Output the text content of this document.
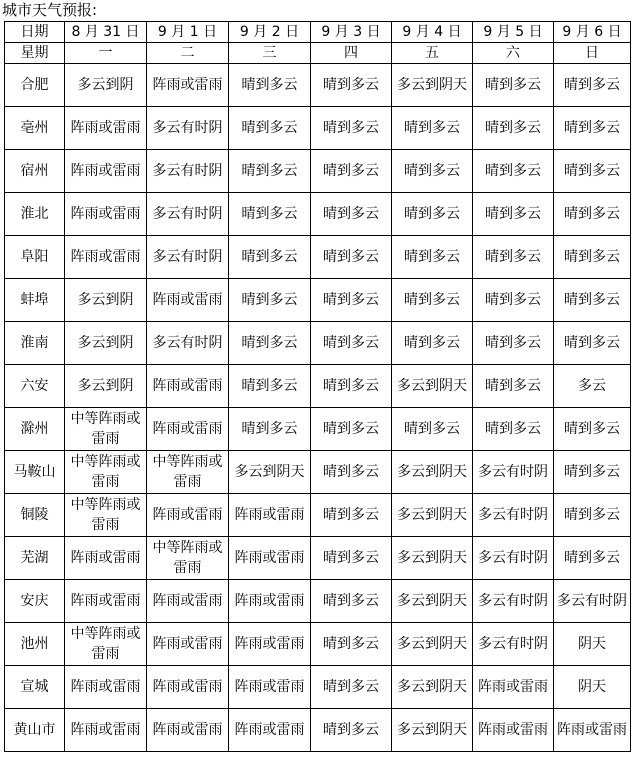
城市天气预报:
日期	8 月 31 日	9 月 1 日	9 月 2 日	9 月 3 日	9 月 4 日	9 月 5 日	9 月 6 日
星期	一	二	三	四	五	六	日
合肥	多云到阴	阵雨或雷雨	晴到多云	晴到多云	多云到阴天	晴到多云	晴到多云
亳州	阵雨或雷雨	多云有时阴	晴到多云	晴到多云	晴到多云	晴到多云	晴到多云
宿州	阵雨或雷雨	多云有时阴	晴到多云	晴到多云	晴到多云	晴到多云	晴到多云
淮北	阵雨或雷雨	多云有时阴	晴到多云	晴到多云	晴到多云	晴到多云	晴到多云
阜阳	阵雨或雷雨	多云有时阴	晴到多云	晴到多云	晴到多云	晴到多云	晴到多云
蚌埠	多云到阴	阵雨或雷雨	晴到多云	晴到多云	晴到多云	晴到多云	晴到多云
淮南	多云到阴	多云有时阴	晴到多云	晴到多云	晴到多云	晴到多云	晴到多云
六安	多云到阴	阵雨或雷雨	晴到多云	晴到多云	多云到阴天	晴到多云	多云
滁州	中等阵雨或雷雨	阵雨或雷雨	晴到多云	晴到多云	晴到多云	晴到多云	晴到多云
马鞍山	中等阵雨或雷雨	中等阵雨或雷雨	多云到阴天	晴到多云	多云到阴天	多云有时阴	晴到多云
铜陵	中等阵雨或雷雨	阵雨或雷雨	阵雨或雷雨	晴到多云	多云到阴天	多云有时阴	晴到多云
芜湖	阵雨或雷雨	中等阵雨或雷雨	阵雨或雷雨	晴到多云	多云到阴天	多云有时阴	晴到多云
安庆	阵雨或雷雨	阵雨或雷雨	阵雨或雷雨	晴到多云	多云到阴天	多云有时阴	多云有时阴
池州	中等阵雨或雷雨	阵雨或雷雨	阵雨或雷雨	晴到多云	多云到阴天	多云有时阴	阴天
宣城	阵雨或雷雨	阵雨或雷雨	阵雨或雷雨	晴到多云	多云到阴天	阵雨或雷雨	阴天
黄山市	阵雨或雷雨	阵雨或雷雨	阵雨或雷雨	晴到多云	多云到阴天	阵雨或雷雨	阵雨或雷雨
